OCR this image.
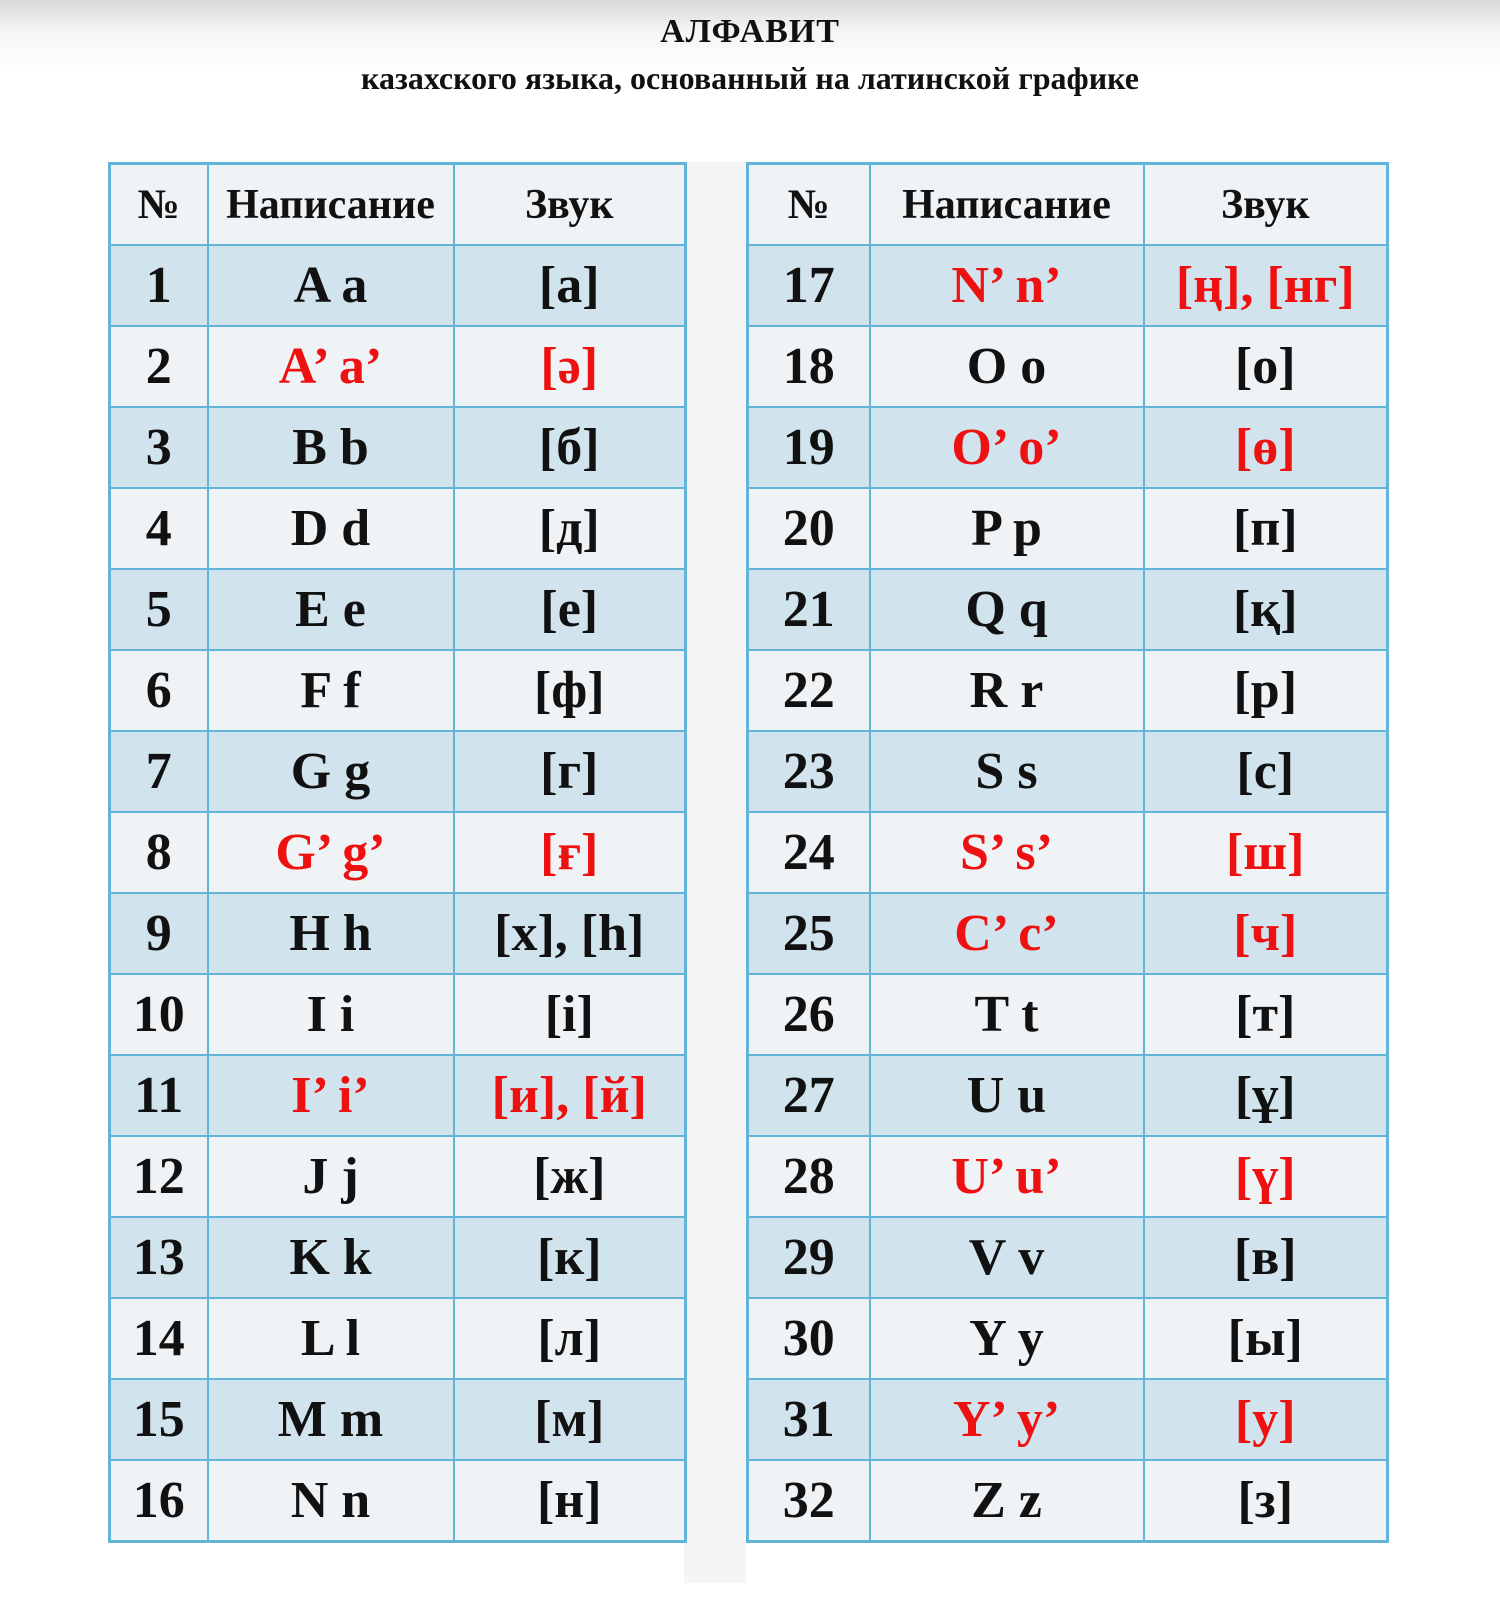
АЛФАВИТ
казахского языка, основанный на латинской графике
№	Написание	Звук
1	A a	[а]
2	A’ a’	[ә]
3	B b	[б]
4	D d	[д]
5	E e	[е]
6	F f	[ф]
7	G g	[г]
8	G’ g’	[ғ]
9	H h	[х], [h]
10	I i	[і]
11	I’ i’	[и], [й]
12	J j	[ж]
13	K k	[к]
14	L l	[л]
15	M m	[м]
16	N n	[н]
№	Написание	Звук
17	N’ n’	[ң], [нг]
18	O o	[о]
19	O’ o’	[ө]
20	P p	[п]
21	Q q	[қ]
22	R r	[р]
23	S s	[с]
24	S’ s’	[ш]
25	C’ c’	[ч]
26	T t	[т]
27	U u	[ұ]
28	U’ u’	[ү]
29	V v	[в]
30	Y y	[ы]
31	Y’ y’	[у]
32	Z z	[з]
